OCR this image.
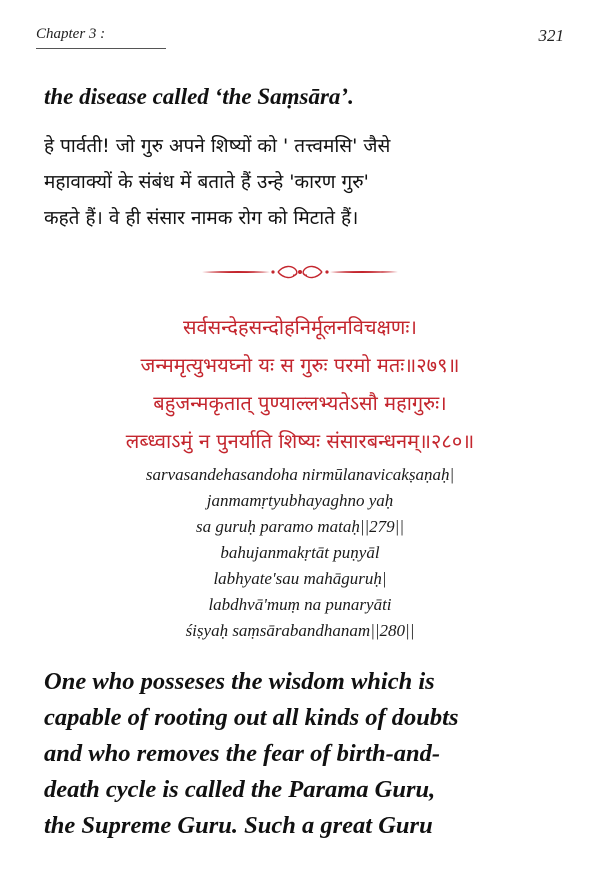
Chapter 3 :	321
the disease called ‘the Saṃsāra’.
हे पार्वती! जो गुरु अपने शिष्यों को ' तत्त्वमसि' जैसे
महावाक्यों के संबंध में बताते हैं उन्हे 'कारण गुरु'
कहते हैं। वे ही संसार नामक रोग को मिटाते हैं।
सर्वसन्देहसन्दोहनिर्मूलनविचक्षणः।
जन्ममृत्युभयघ्नो यः स गुरुः परमो मतः॥२७९॥
बहुजन्मकृतात् पुण्याल्लभ्यतेऽसौ महागुरुः।
लब्ध्वाऽमुं न पुनर्याति शिष्यः संसारबन्धनम्॥२८०॥
sarvasandehasandoha nirmūlanavicakṣaṇaḥ|
janmamṛtyubhayaghno yaḥ
sa guruḥ paramo mataḥ||279||
bahujanmakṛtāt puṇyāl
labhyate'sau mahāguruḥ|
labdhvā'muṃ na punaryāti
śiṣyaḥ saṃsārabandhanam||280||
One who posseses the wisdom which is
capable of rooting out all kinds of doubts
and who removes the fear of birth-and-
death cycle is called the Parama Guru,
the Supreme Guru. Such a great Guru
